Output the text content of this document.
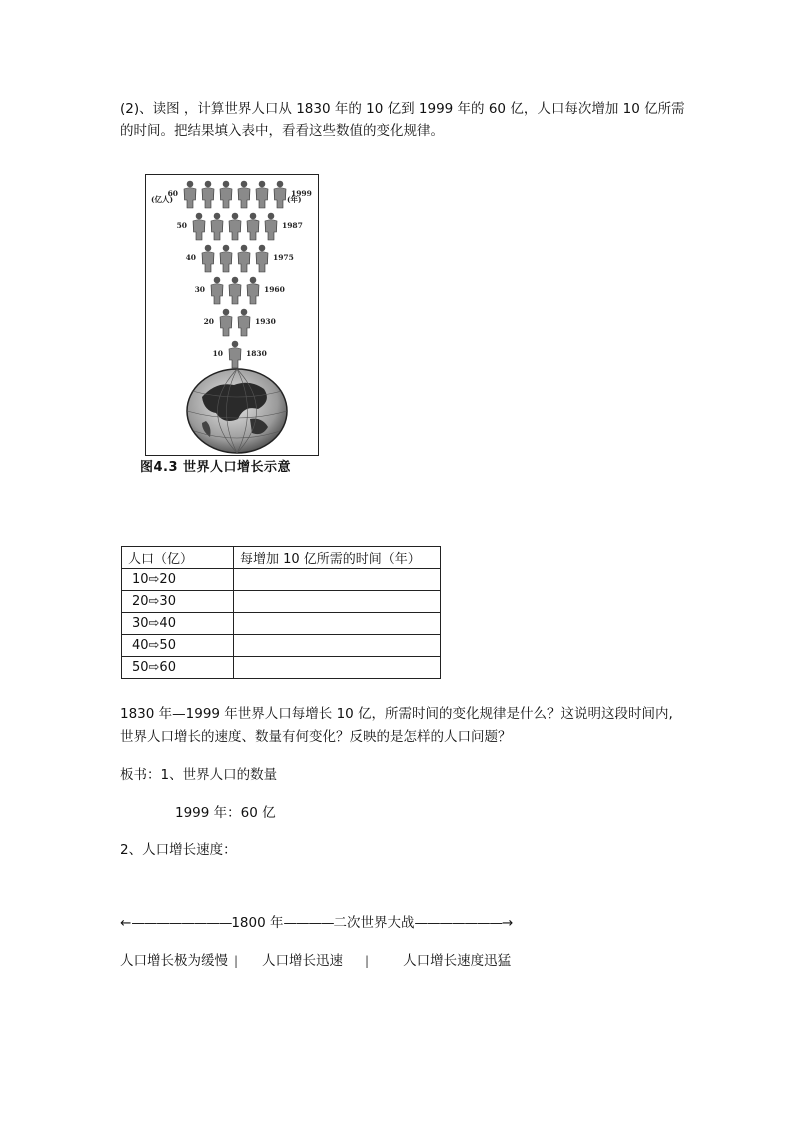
(2)、读图 ，计算世界人口从 1830 年的 10 亿到 1999 年的 60 亿，人口每次增加 10 亿所需
的时间。把结果填入表中，看看这些数值的变化规律。
60	1999
50	1987
40	1975
30	1960
20	1930
10	1830
(亿人)	(年)
图4.3 世界人口增长示意
人口（亿）	每增加 10 亿所需的时间（年）
10⇨20	
20⇨30	
30⇨40	
40⇨50	
50⇨60	
1830 年—1999 年世界人口每增长 10 亿，所需时间的变化规律是什么？这说明这段时间内,
世界人口增长的速度、数量有何变化？反映的是怎样的人口问题？
板书：1、世界人口的数量
1999 年：60 亿
2、人口增长速度：
←————————1800 年————二次世界大战———————→
人口增长极为缓慢 | 人口增长迅速 |	人口增长速度迅猛
